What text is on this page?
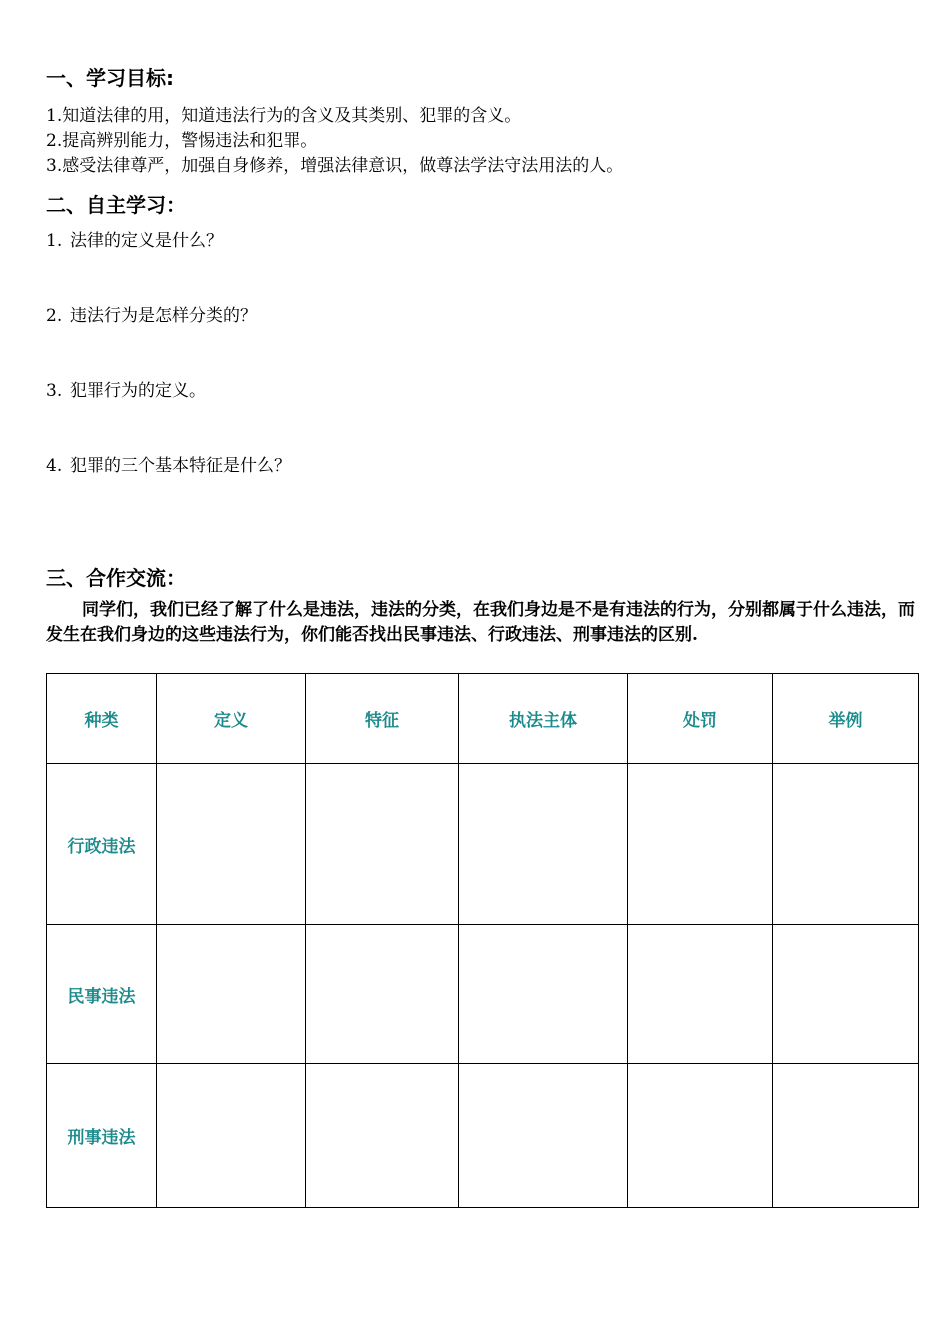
一、学习目标:
1.知道法律的用，知道违法行为的含义及其类别、犯罪的含义。
2.提高辨别能力，警惕违法和犯罪。
3.感受法律尊严，加强自身修养，增强法律意识，做尊法学法守法用法的人。
二、自主学习：
1. 法律的定义是什么？
2. 违法行为是怎样分类的？
3. 犯罪行为的定义。
4. 犯罪的三个基本特征是什么？
三、合作交流：
同学们，我们已经了解了什么是违法，违法的分类，在我们身边是不是有违法的行为，分别都属于什么违法，而发生在我们身边的这些违法行为，你们能否找出民事违法、行政违法、刑事违法的区别.
种类	定义	特征	执法主体	处罚	举例
行政违法					
民事违法					
刑事违法					
